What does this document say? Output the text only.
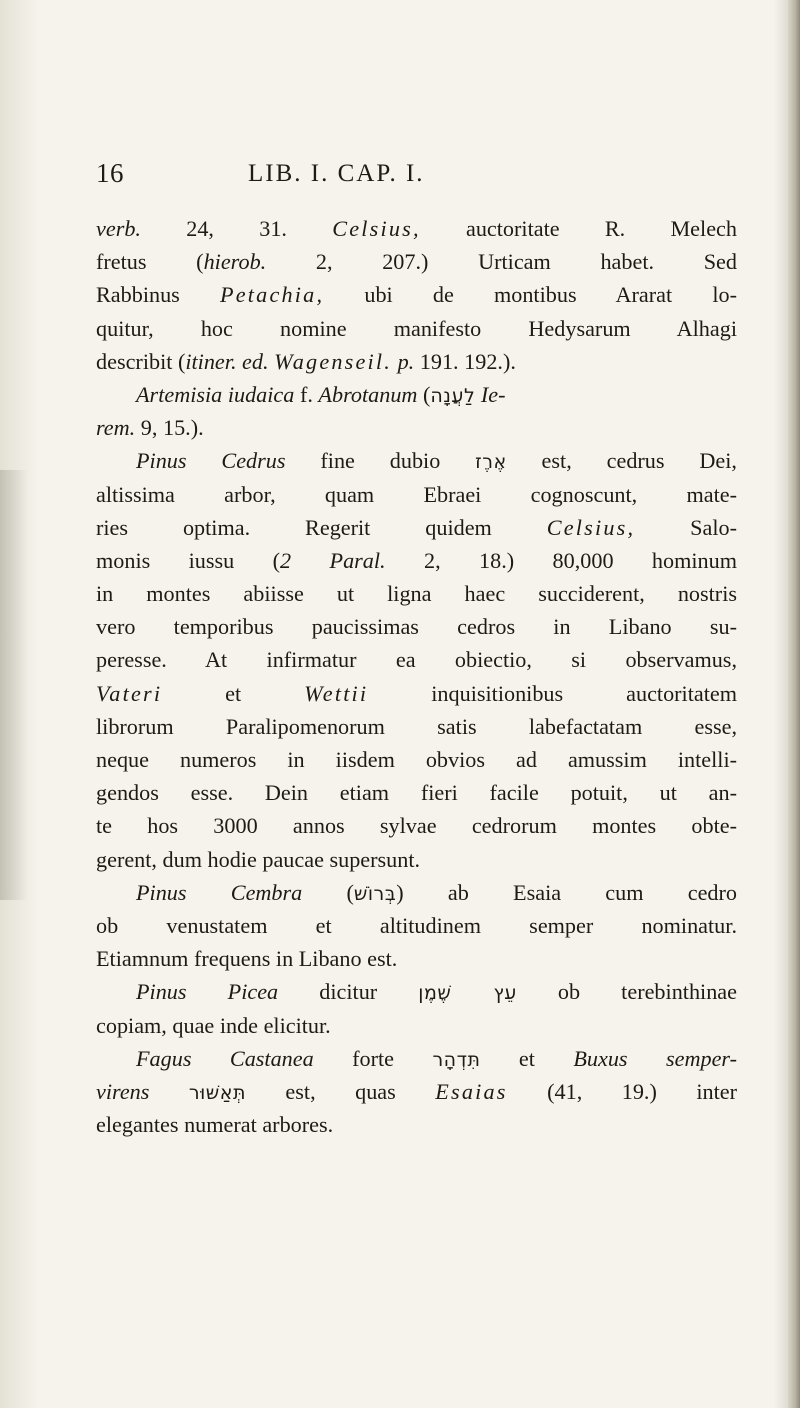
16	LIB. I. CAP. I.
verb. 24, 31. Celsius, auctoritate R. Melech
fretus (hierob. 2, 207.) Urticam habet. Sed
Rabbinus Petachia, ubi de montibus Ararat lo-
quitur, hoc nomine manifesto Hedysarum Alhagi
describit (itiner. ed. Wagenseil. p. 191. 192.).
Artemisia iudaica f. Abrotanum (לַעֲנָה Ie-
rem. 9, 15.).
Pinus Cedrus fine dubio אֶרֶז est, cedrus Dei,
altissima arbor, quam Ebraei cognoscunt, mate-
ries optima. Regerit quidem Celsius, Salo-
monis iussu (2 Paral. 2, 18.) 80,000 hominum
in montes abiisse ut ligna haec succiderent, nostris
vero temporibus paucissimas cedros in Libano su-
peresse. At infirmatur ea obiectio, si observamus,
Vateri et Wettii inquisitionibus auctoritatem
librorum Paralipomenorum satis labefactatam esse,
neque numeros in iisdem obvios ad amussim intelli-
gendos esse. Dein etiam fieri facile potuit, ut an-
te hos 3000 annos sylvae cedrorum montes obte-
gerent, dum hodie paucae supersunt.
Pinus Cembra (בְּרוֹשׁ) ab Esaia cum cedro
ob venustatem et altitudinem semper nominatur.
Etiamnum frequens in Libano est.
Pinus Picea dicitur עֵץ שֶׁמֶן ob terebinthinae
copiam, quae inde elicitur.
Fagus Castanea forte תִּדְהָר et Buxus semper-
virens תְּאַשּׁוּר est, quas Esaias (41, 19.) inter
elegantes numerat arbores.
